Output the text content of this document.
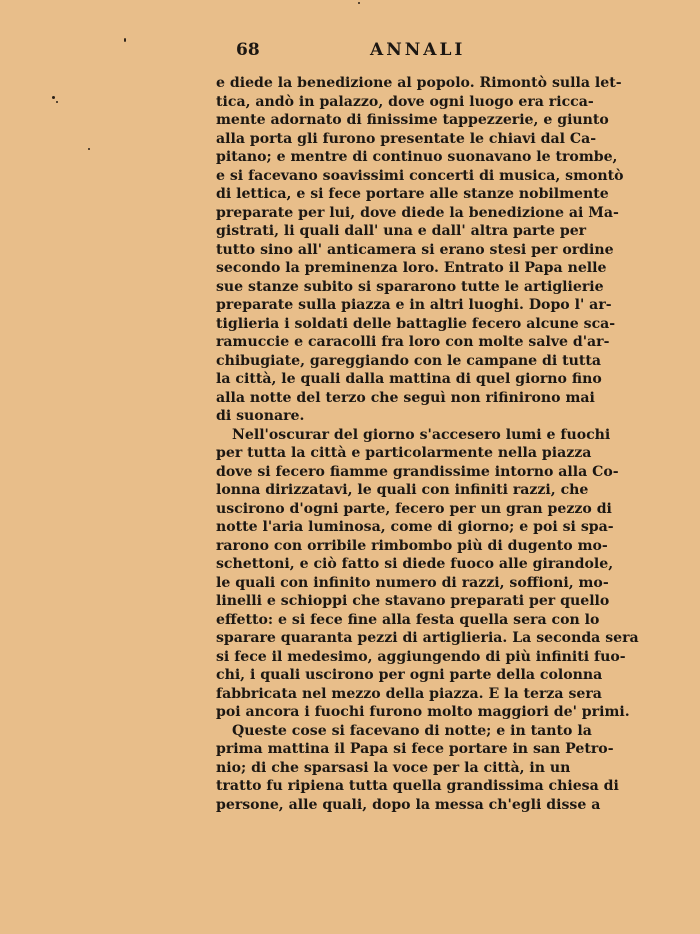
68	ANNALI
e diede la benedizione al popolo. Rimontò sulla let-
tica, andò in palazzo, dove ogni luogo era ricca-
mente adornato di finissime tappezzerie, e giunto
alla porta gli furono presentate le chiavi dal Ca-
pitano; e mentre di continuo suonavano le trombe,
e si facevano soavissimi concerti di musica, smontò
di lettica, e si fece portare alle stanze nobilmente
preparate per lui, dove diede la benedizione ai Ma-
gistrati, li quali dall' una e dall' altra parte per
tutto sino all' anticamera si erano stesi per ordine
secondo la preminenza loro. Entrato il Papa nelle
sue stanze subito si spararono tutte le artiglierie
preparate sulla piazza e in altri luoghi. Dopo l' ar-
tiglieria i soldati delle battaglie fecero alcune sca-
ramuccie e caracolli fra loro con molte salve d'ar-
chibugiate, gareggiando con le campane di tutta
la città, le quali dalla mattina di quel giorno fino
alla notte del terzo che seguì non rifinirono mai
di suonare.
Nell'oscurar del giorno s'accesero lumi e fuochi
per tutta la città e particolarmente nella piazza
dove si fecero fiamme grandissime intorno alla Co-
lonna dirizzatavi, le quali con infiniti razzi, che
uscirono d'ogni parte, fecero per un gran pezzo di
notte l'aria luminosa, come di giorno; e poi si spa-
rarono con orribile rimbombo più di dugento mo-
schettoni, e ciò fatto si diede fuoco alle girandole,
le quali con infinito numero di razzi, soffioni, mo-
linelli e schioppi che stavano preparati per quello
effetto: e si fece fine alla festa quella sera con lo
sparare quaranta pezzi di artiglieria. La seconda sera
si fece il medesimo, aggiungendo di più infiniti fuo-
chi, i quali uscirono per ogni parte della colonna
fabbricata nel mezzo della piazza. E la terza sera
poi ancora i fuochi furono molto maggiori de' primi.
Queste cose si facevano di notte; e in tanto la
prima mattina il Papa si fece portare in san Petro-
nio; di che sparsasi la voce per la città, in un
tratto fu ripiena tutta quella grandissima chiesa di
persone, alle quali, dopo la messa ch'egli disse a
